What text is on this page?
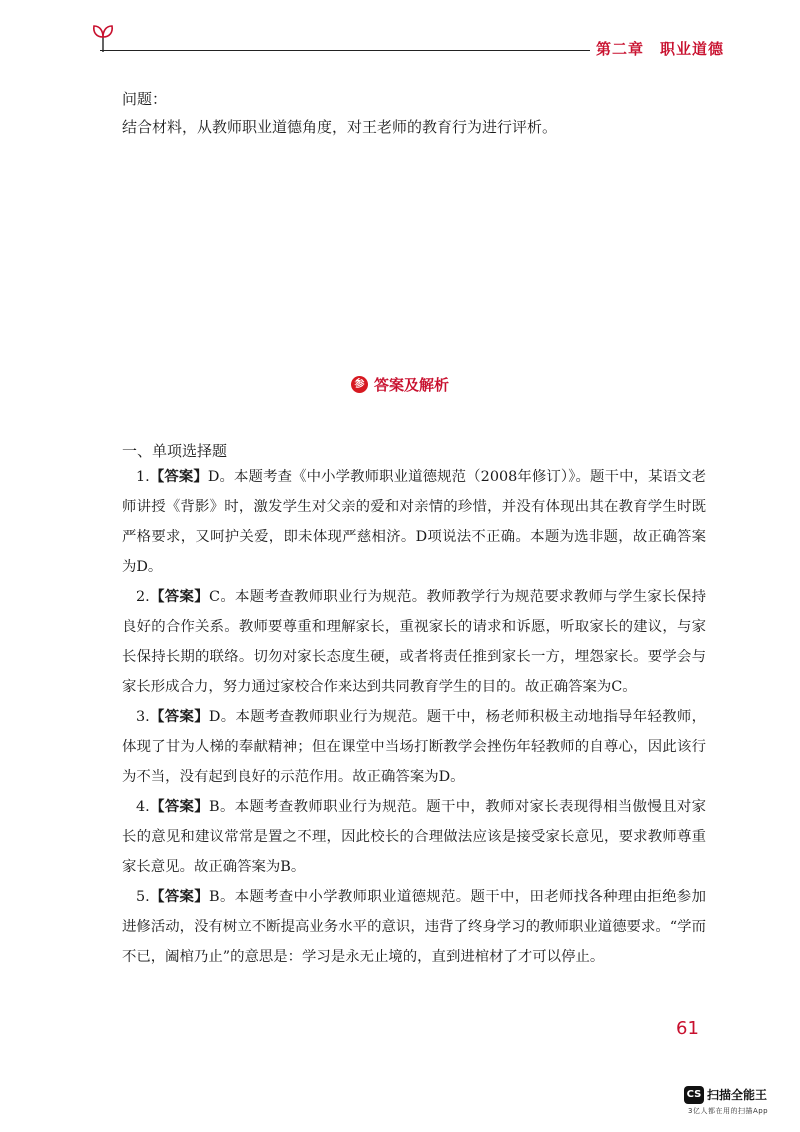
第二章　职业道德
问题：
结合材料，从教师职业道德角度，对王老师的教育行为进行评析。
参 答案及解析
一、单项选择题

1.【答案】D。本题考查《中小学教师职业道德规范（2008年修订）》。题干中，某语文老师讲授《背影》时，激发学生对父亲的爱和对亲情的珍惜，并没有体现出其在教育学生时既严格要求，又呵护关爱，即未体现严慈相济。D项说法不正确。本题为选非题，故正确答案为D。

2.【答案】C。本题考查教师职业行为规范。教师教学行为规范要求教师与学生家长保持良好的合作关系。教师要尊重和理解家长，重视家长的请求和诉愿，听取家长的建议，与家长保持长期的联络。切勿对家长态度生硬，或者将责任推到家长一方，埋怨家长。要学会与家长形成合力，努力通过家校合作来达到共同教育学生的目的。故正确答案为C。

3.【答案】D。本题考查教师职业行为规范。题干中，杨老师积极主动地指导年轻教师，体现了甘为人梯的奉献精神；但在课堂中当场打断教学会挫伤年轻教师的自尊心，因此该行为不当，没有起到良好的示范作用。故正确答案为D。

4.【答案】B。本题考查教师职业行为规范。题干中，教师对家长表现得相当傲慢且对家长的意见和建议常常是置之不理，因此校长的合理做法应该是接受家长意见，要求教师尊重家长意见。故正确答案为B。

5.【答案】B。本题考查中小学教师职业道德规范。题干中，田老师找各种理由拒绝参加进修活动，没有树立不断提高业务水平的意识，违背了终身学习的教师职业道德要求。“学而不已，阖棺乃止”的意思是：学习是永无止境的，直到进棺材了才可以停止。

61
CS 扫描全能王
3亿人都在用的扫描App
